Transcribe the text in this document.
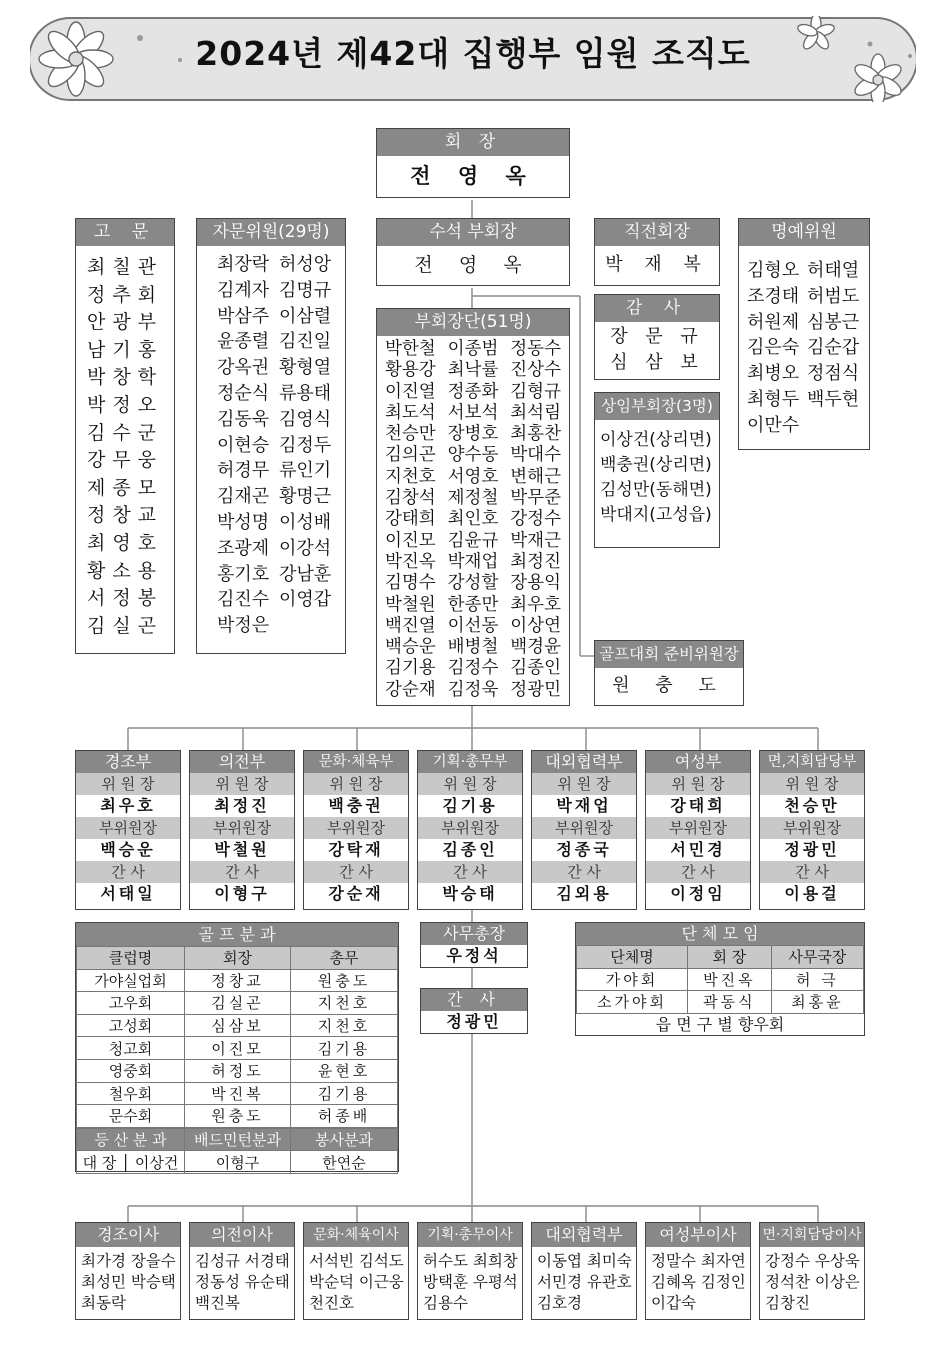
2024년 제42대 집행부 임원 조직도
회 장
전 영 옥
고 문
최칠관
정추회
안광부
남기홍
박창학
박정오
김수군
강무웅
제종모
정창교
최영호
황소용
서정봉
김실곤
자문위원(29명)
최장락 허성앙
김계자 김명규
박삼주 이삼렬
윤종렬 김진일
강옥권 황형열
정순식 류용태
김동욱 김영식
이현승 김정두
허경무 류인기
김재곤 황명근
박성명 이성배
조광제 이강석
홍기호 강남훈
김진수 이영갑
박정은
수석 부회장
전 영 옥
부회장단(51명)
박한철 이종범 정동수
황용강 최낙률 진상수
이진열 정종화 김형규
최도석 서보석 최석림
천승만 장병호 최홍찬
김의곤 양수동 박대수
지천호 서영호 변해근
김창석 제정철 박무준
강태희 최인호 강정수
이진모 김윤규 박재근
박진옥 박재업 최정진
김명수 강성할 장용익
박철원 한종만 최우호
백진열 이선동 이상연
백승운 배병철 백경윤
김기용 김정수 김종인
강순재 김정욱 정광민
직전회장
박 재 복
감 사
장 문 규
심 삼 보
상임부회장(3명)
이상건(상리면)
백충권(상리면)
김성만(동해면)
박대지(고성읍)
골프대회 준비위원장
원 충 도
명예위원
김형오 허태열
조경태 허범도
허원제 심봉근
김은숙 김순갑
최병오 정점식
최형두 백두현
이만수
경조부
위 원 장
최우호
부위원장
백승운
간 사
서태일
의전부
위 원 장
최정진
부위원장
박철원
간 사
이형구
문화·체육부
위 원 장
백충권
부위원장
강탁재
간 사
강순재
기획·총무부
위 원 장
김기용
부위원장
김종인
간 사
박승태
대외협력부
위 원 장
박재업
부위원장
정종국
간 사
김외용
여성부
위 원 장
강태희
부위원장
서민경
간 사
이정임
면,지회담당부
위 원 장
천승만
부위원장
정광민
간 사
이용걸
골 프 분 과
클럽명	회장	총무
가야실업회	정창교	원충도
고우회	김실곤	지천호
고성회	심삼보	지천호
청고회	이진모	김기용
영중회	허정도	윤현호
철우회	박진복	김기용
문수회	원충도	허종배
등 산 분 과	배드민턴분과	봉사분과
대 장 │ 이상건	이형구	한연순
사무총장
우정석
간 사
정광민
단 체 모 임
단체명	회 장	사무국장
가야회	박진옥	허 극
소가야회	곽동식	최홍윤
읍 면 구 별 향우회
경조이사
최가경 장을수
최성민 박승택
최동락
의전이사
김성규 서경태
정동성 유순태
백진복
문화·체육이사
서석빈 김석도
박순덕 이근웅
천진호
기획·총무이사
허수도 최희창
방택훈 우평석
김용수
대외협력부
이동엽 최미숙
서민경 유관호
김호경
여성부이사
정말수 최자연
김혜옥 김정인
이갑숙
면·지회담당이사
강정수 우상욱
정석찬 이상은
김창진
